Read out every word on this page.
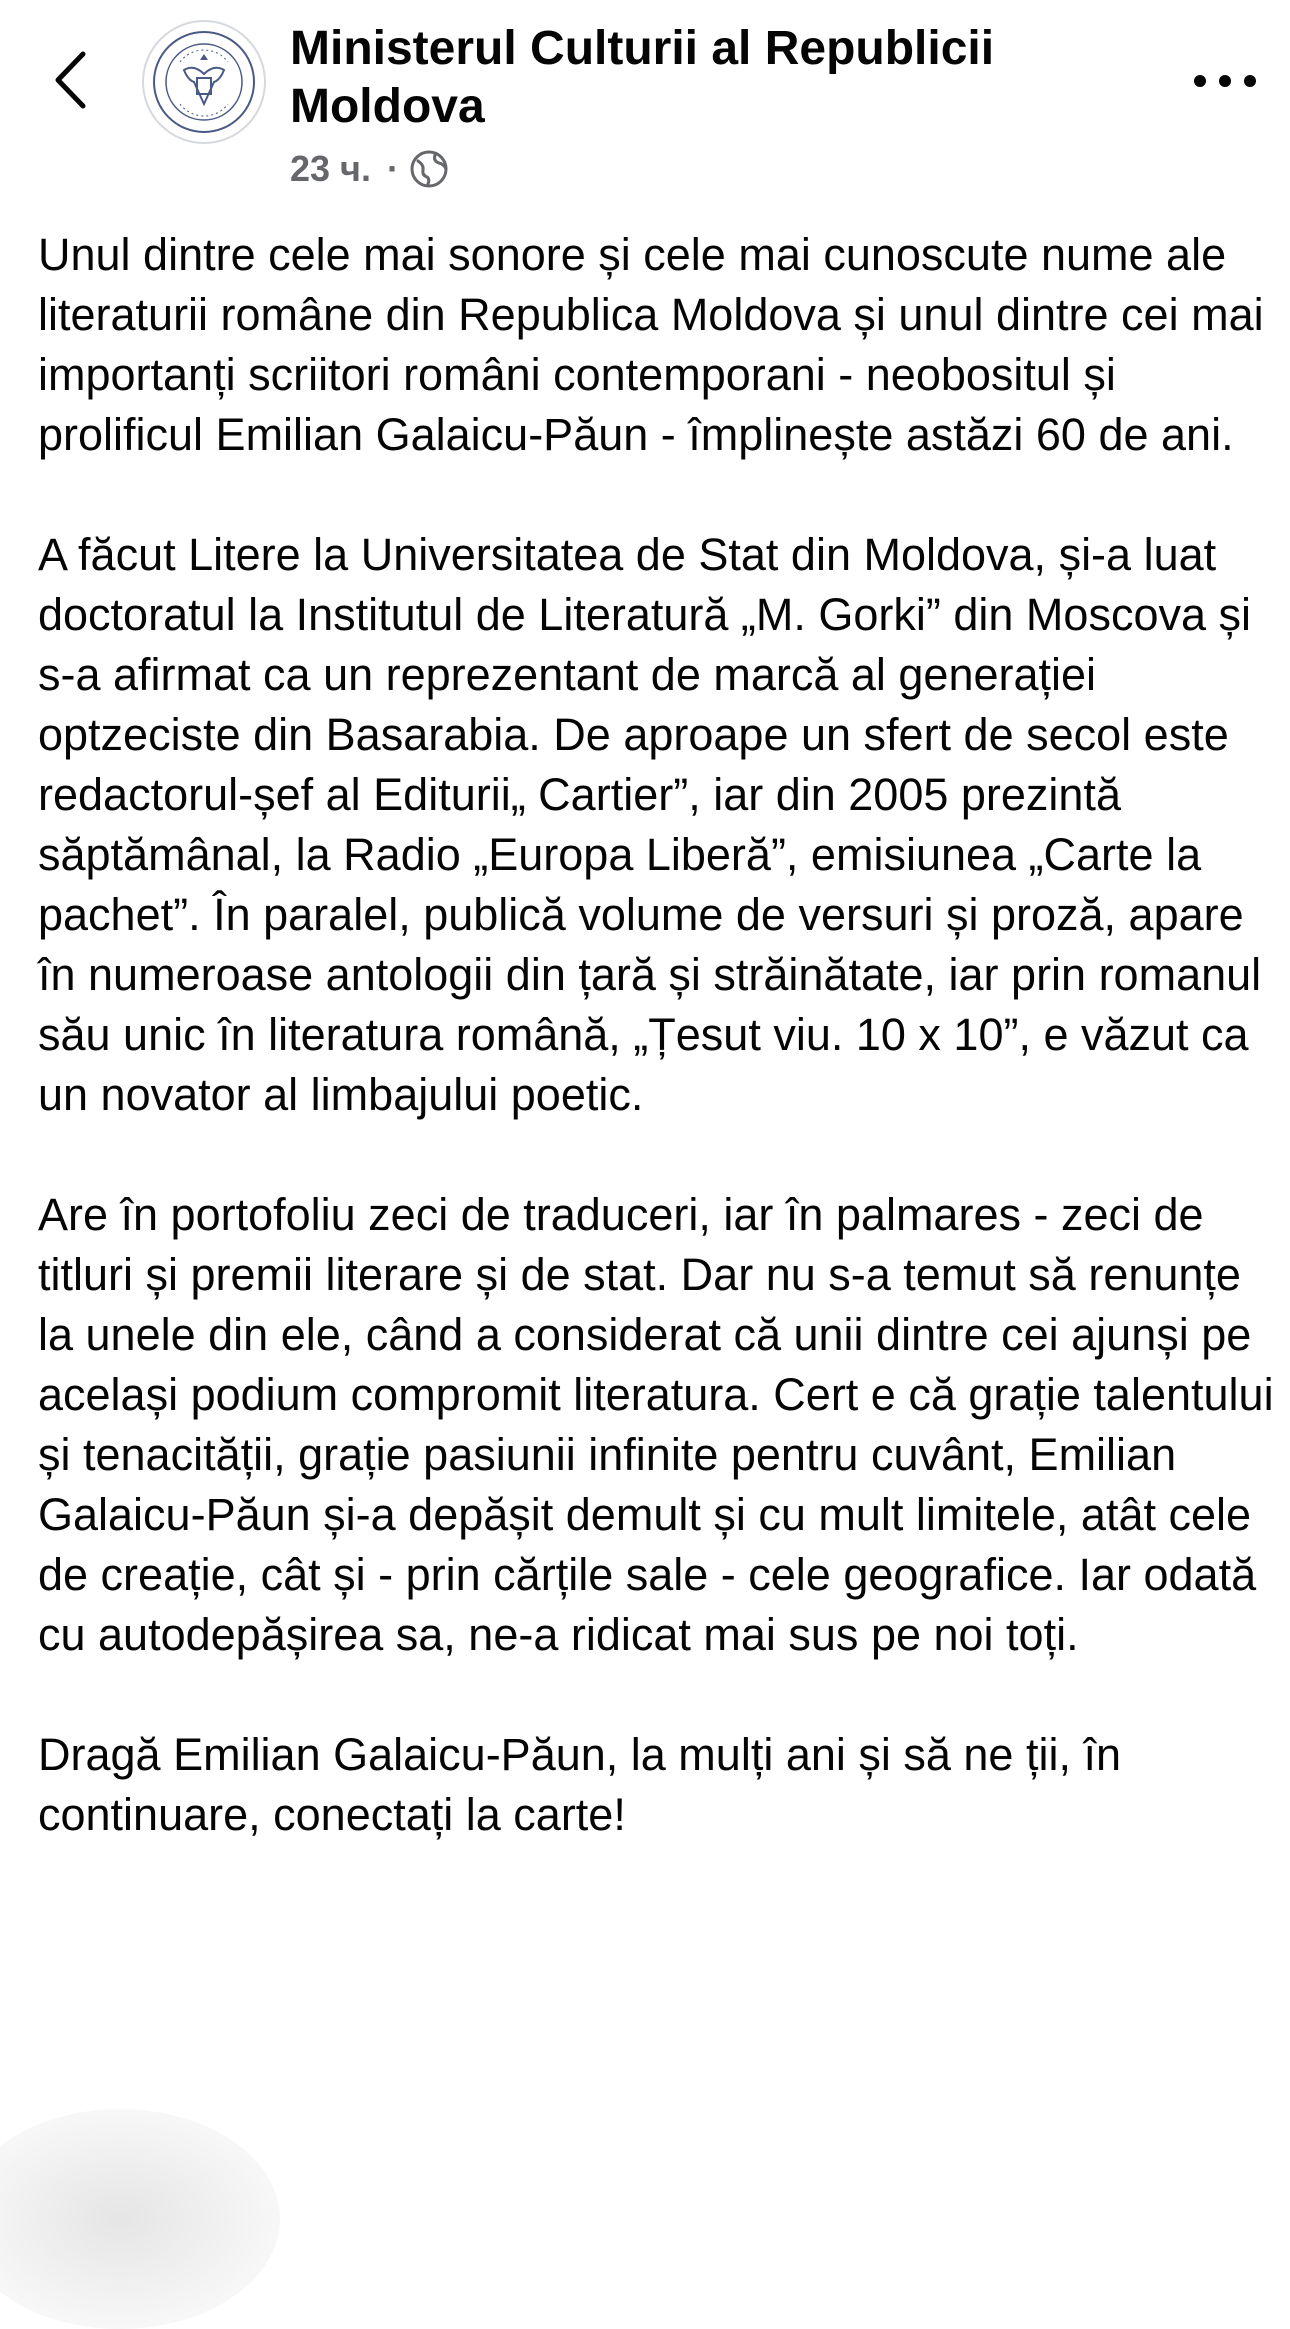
Ministerul Culturii al Republicii Moldova
23 ч. ·

Unul dintre cele mai sonore și cele mai cunoscute nume ale literaturii române din Republica Moldova și unul dintre cei mai importanți scriitori români contemporani - neobositul și prolificul Emilian Galaicu-Păun - împlinește astăzi 60 de ani.

A făcut Litere la Universitatea de Stat din Moldova, și-a luat doctoratul la Institutul de Literatură „M. Gorki” din Moscova și s-a afirmat ca un reprezentant de marcă al generației optzeciste din Basarabia. De aproape un sfert de secol este redactorul-șef al Editurii„ Cartier”, iar din 2005 prezintă săptămânal, la Radio „Europa Liberă”, emisiunea „Carte la pachet”. În paralel, publică volume de versuri și proză, apare în numeroase antologii din țară și străinătate, iar prin romanul său unic în literatura română, „Țesut viu. 10 x 10”, e văzut ca un novator al limbajului poetic.

Are în portofoliu zeci de traduceri, iar în palmares - zeci de titluri și premii literare și de stat. Dar nu s-a temut să renunțe la unele din ele, când a considerat că unii dintre cei ajunși pe același podium compromit literatura. Cert e că grație talentului și tenacității, grație pasiunii infinite pentru cuvânt, Emilian Galaicu-Păun și-a depășit demult și cu mult limitele, atât cele de creație, cât și - prin cărțile sale - cele geografice. Iar odată cu autodepășirea sa, ne-a ridicat mai sus pe noi toți.

Dragă Emilian Galaicu-Păun, la mulți ani și să ne ții, în continuare, conectați la carte!
